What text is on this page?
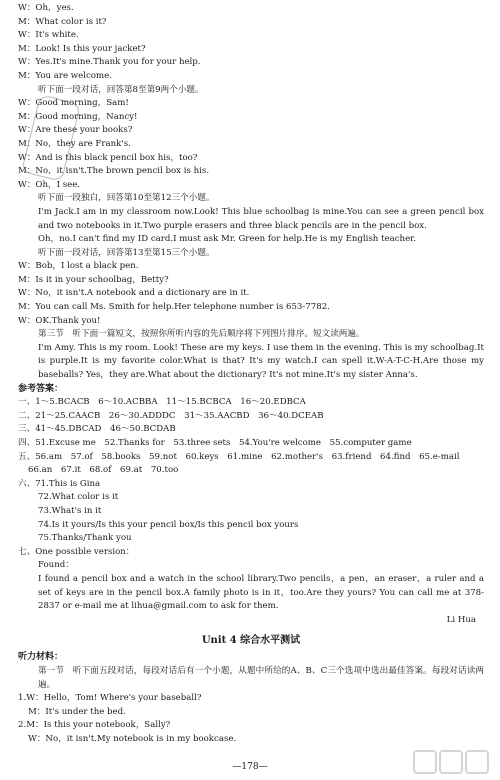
W：Oh，yes.

M：What color is it?

W：It's white.

M：Look! Is this your jacket?

W：Yes.It's mine.Thank you for your help.

M：You are welcome.

听下面一段对话，回答第8至第9两个小题。

W：Good morning，Sam!

M：Good morning，Nancy!

W：Are these your books?

M：No，they are Frank's.

W：And is this black pencil box his，too?

M：No，it isn't.The brown pencil box is his.

W：Oh，I see.

听下面一段独白，回答第10至第12三个小题。

I'm Jack.I am in my classroom now.Look! This blue schoolbag is mine.You can see a green pencil box and two notebooks in it.Two purple erasers and three black pencils are in the pencil box.

Oh，no.I can't find my ID card.I must ask Mr. Green for help.He is my English teacher.

听下面一段对话，回答第13至第15三个小题。

W：Bob，I lost a black pen.

M：Is it in your schoolbag，Betty?

W：No，it isn't.A notebook and a dictionary are in it.

M：You can call Ms. Smith for help.Her telephone number is 653-7782.

W：OK.Thank you!

第三节　听下面一篇短文，按照你所听内容的先后顺序将下列图片排序。短文读两遍。

I'm Amy. This is my room. Look! These are my keys. I use them in the evening. This is my schoolbag.It is purple.It is my favorite color.What is that? It's my watch.I can spell it.W-A-T-C-H.Are those my baseballs? Yes，they are.What about the dictionary? It's not mine.It's my sister Anna's.

参考答案：

一、1～5.BCACB　6～10.ACBBA　11～15.BCBCA　16～20.EDBCA

二、21～25.CAACB　26～30.ADDDC　31～35.AACBD　36～40.DCEAB

三、41～45.DBCAD　46～50.BCDAB

四、51.Excuse me　52.Thanks for　53.three sets　54.You're welcome　55.computer game

五、56.am　57.of　58.books　59.not　60.keys　61.mine　62.mother's　63.friend　64.find　65.e-mail

66.an　67.it　68.of　69.at　70.too

六、71.This is Gina

72.What color is it

73.What's in it

74.Is it yours/Is this your pencil box/Is this pencil box yours

75.Thanks/Thank you

七、One possible version：

Found：

I found a pencil box and a watch in the school library.Two pencils，a pen，an eraser，a ruler and a set of keys are in the pencil box.A family photo is in it，too.Are they yours? You can call me at 378-2837 or e-mail me at lihua@gmail.com to ask for them.

Li Hua

Unit 4 综合水平测试

听力材料：

第一节　听下面五段对话，每段对话后有一个小题，从题中所给的A、B、C三个选项中选出最佳答案。每段对话读两遍。

1.W：Hello，Tom! Where's your baseball?

M：It's under the bed.

2.M：Is this your notebook，Sally?

W：No，it isn't.My notebook is in my bookcase.

—178—
